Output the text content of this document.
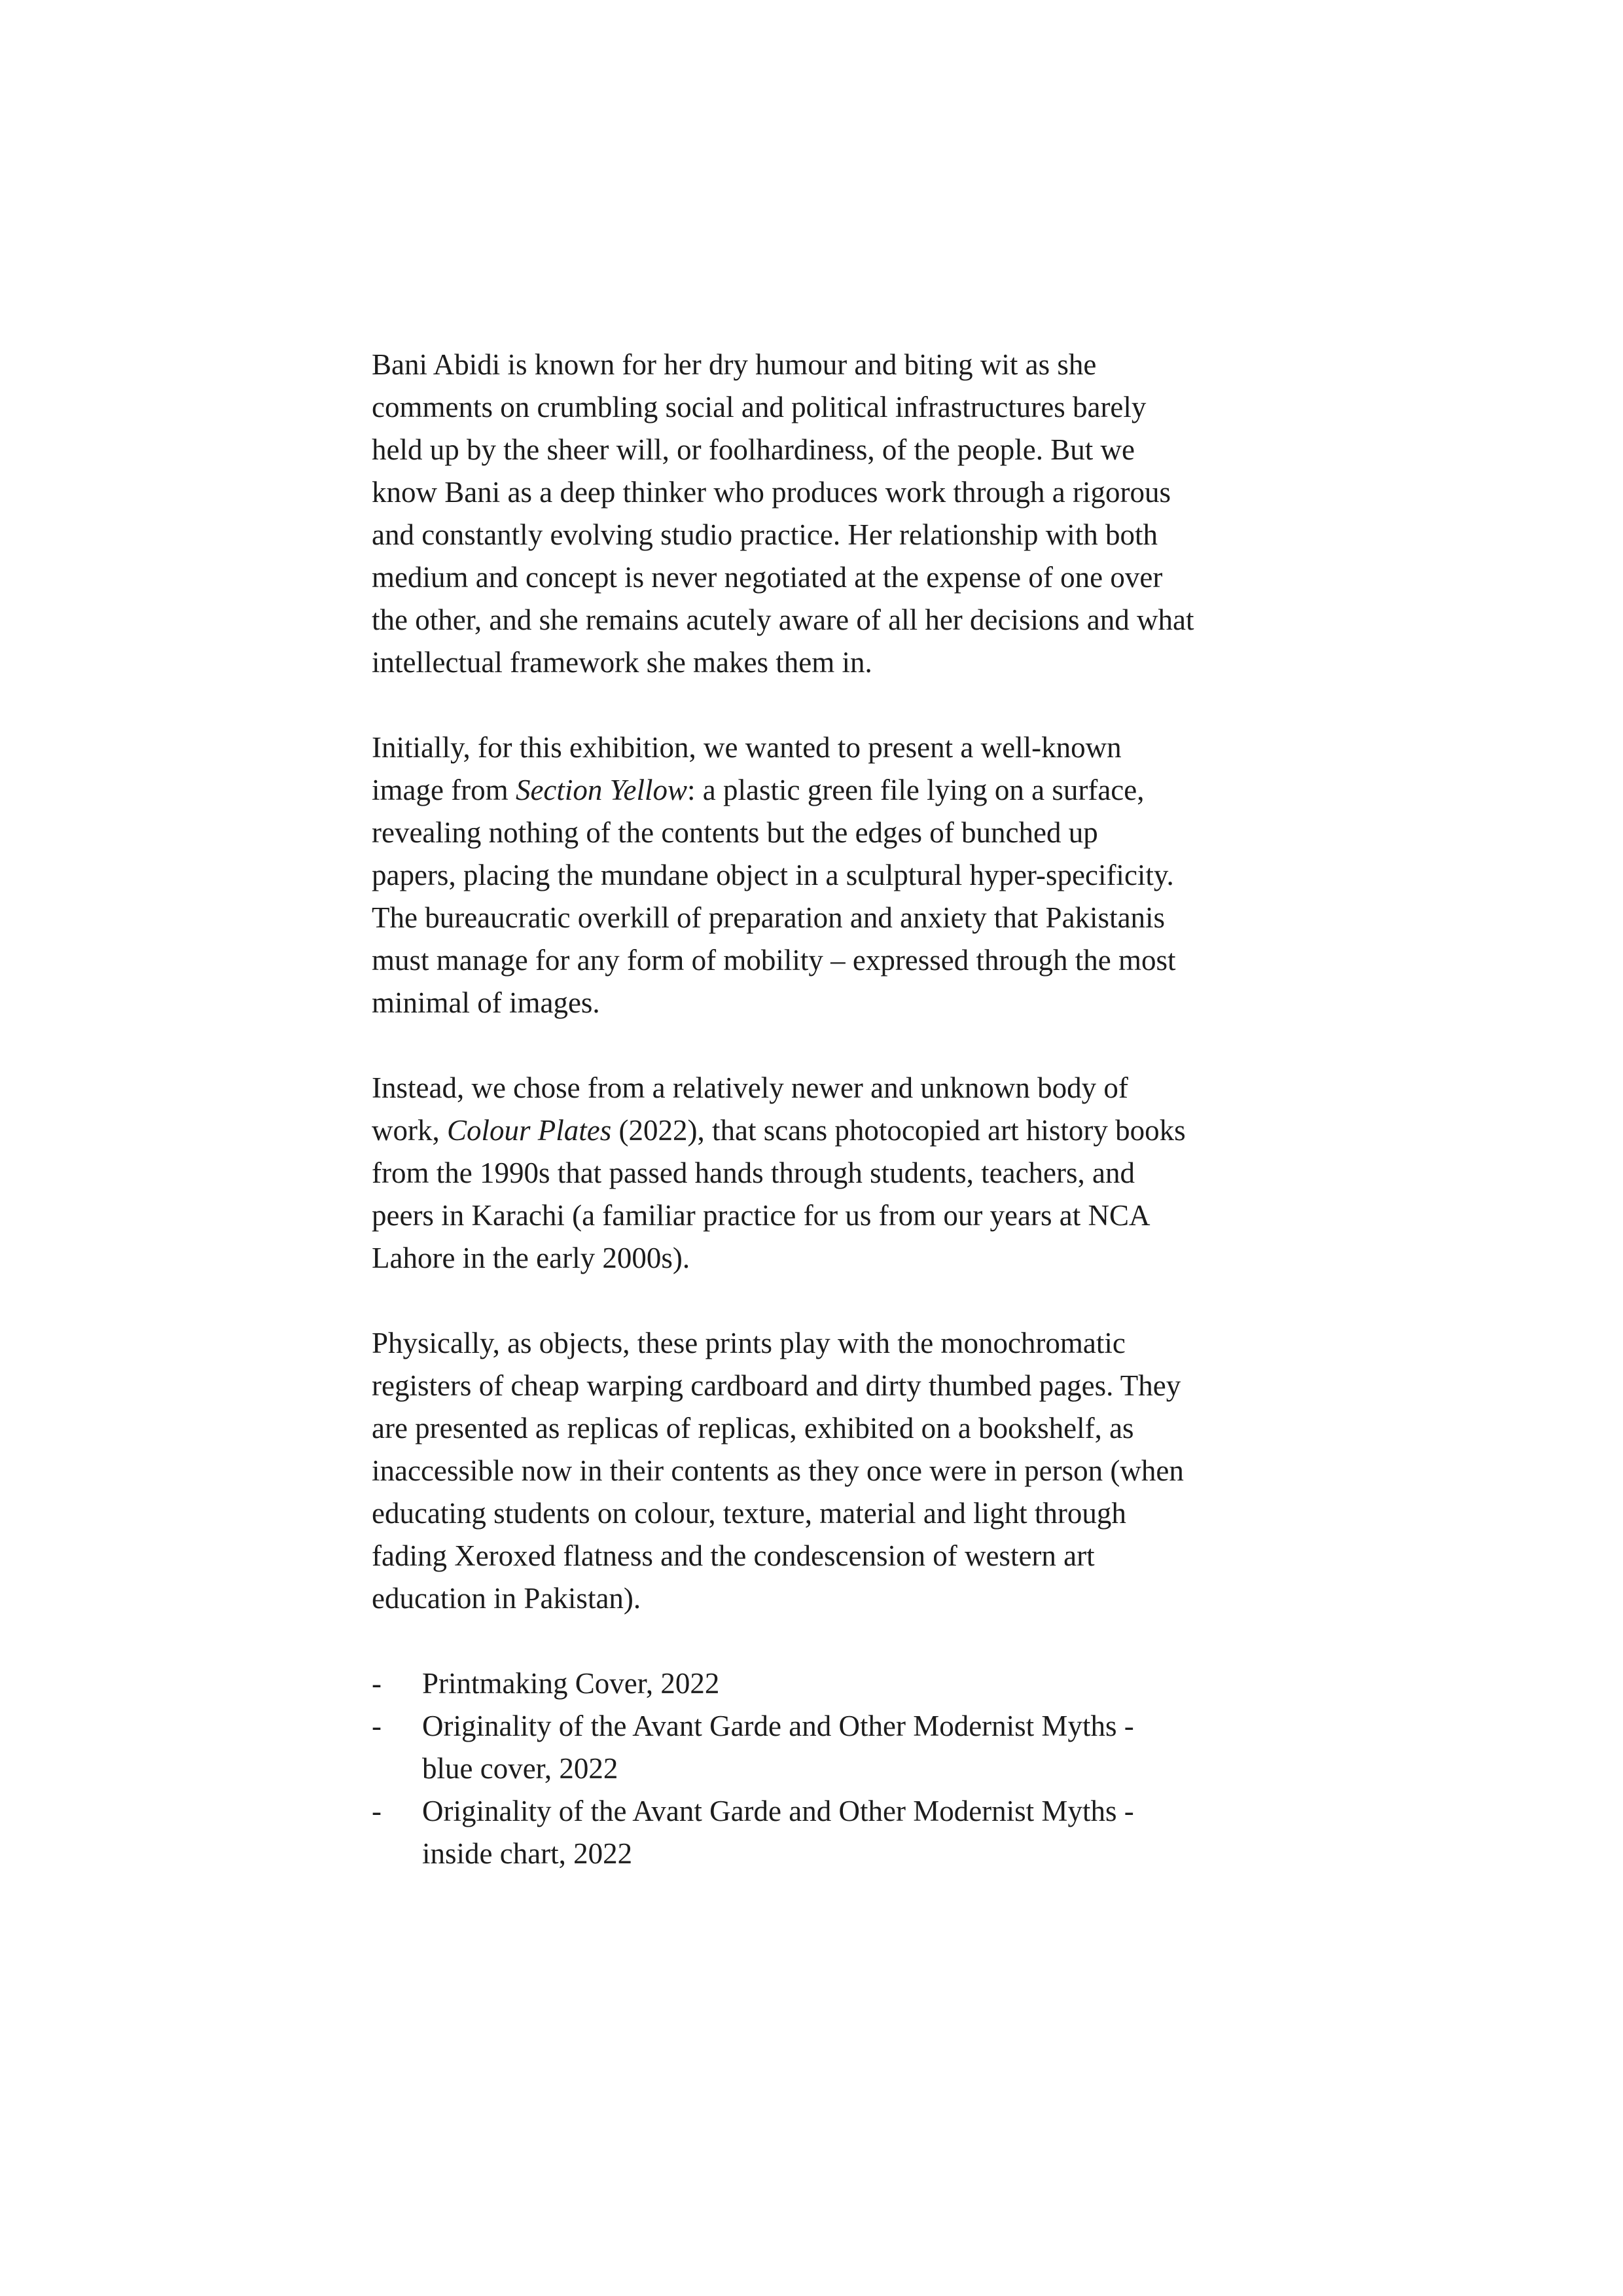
Bani Abidi is known for her dry humour and biting wit as she
comments on crumbling social and political infrastructures barely
held up by the sheer will, or foolhardiness, of the people. But we
know Bani as a deep thinker who produces work through a rigorous
and constantly evolving studio practice. Her relationship with both
medium and concept is never negotiated at the expense of one over
the other, and she remains acutely aware of all her decisions and what
intellectual framework she makes them in.

Initially, for this exhibition, we wanted to present a well-known
image from Section Yellow: a plastic green file lying on a surface,
revealing nothing of the contents but the edges of bunched up
papers, placing the mundane object in a sculptural hyper-specificity.
The bureaucratic overkill of preparation and anxiety that Pakistanis
must manage for any form of mobility – expressed through the most
minimal of images.

Instead, we chose from a relatively newer and unknown body of
work, Colour Plates (2022), that scans photocopied art history books
from the 1990s that passed hands through students, teachers, and
peers in Karachi (a familiar practice for us from our years at NCA
Lahore in the early 2000s).

Physically, as objects, these prints play with the monochromatic
registers of cheap warping cardboard and dirty thumbed pages. They
are presented as replicas of replicas, exhibited on a bookshelf, as
inaccessible now in their contents as they once were in person (when
educating students on colour, texture, material and light through
fading Xeroxed flatness and the condescension of western art
education in Pakistan).

- Printmaking Cover, 2022
- Originality of the Avant Garde and Other Modernist Myths -
blue cover, 2022
- Originality of the Avant Garde and Other Modernist Myths -
inside chart, 2022
